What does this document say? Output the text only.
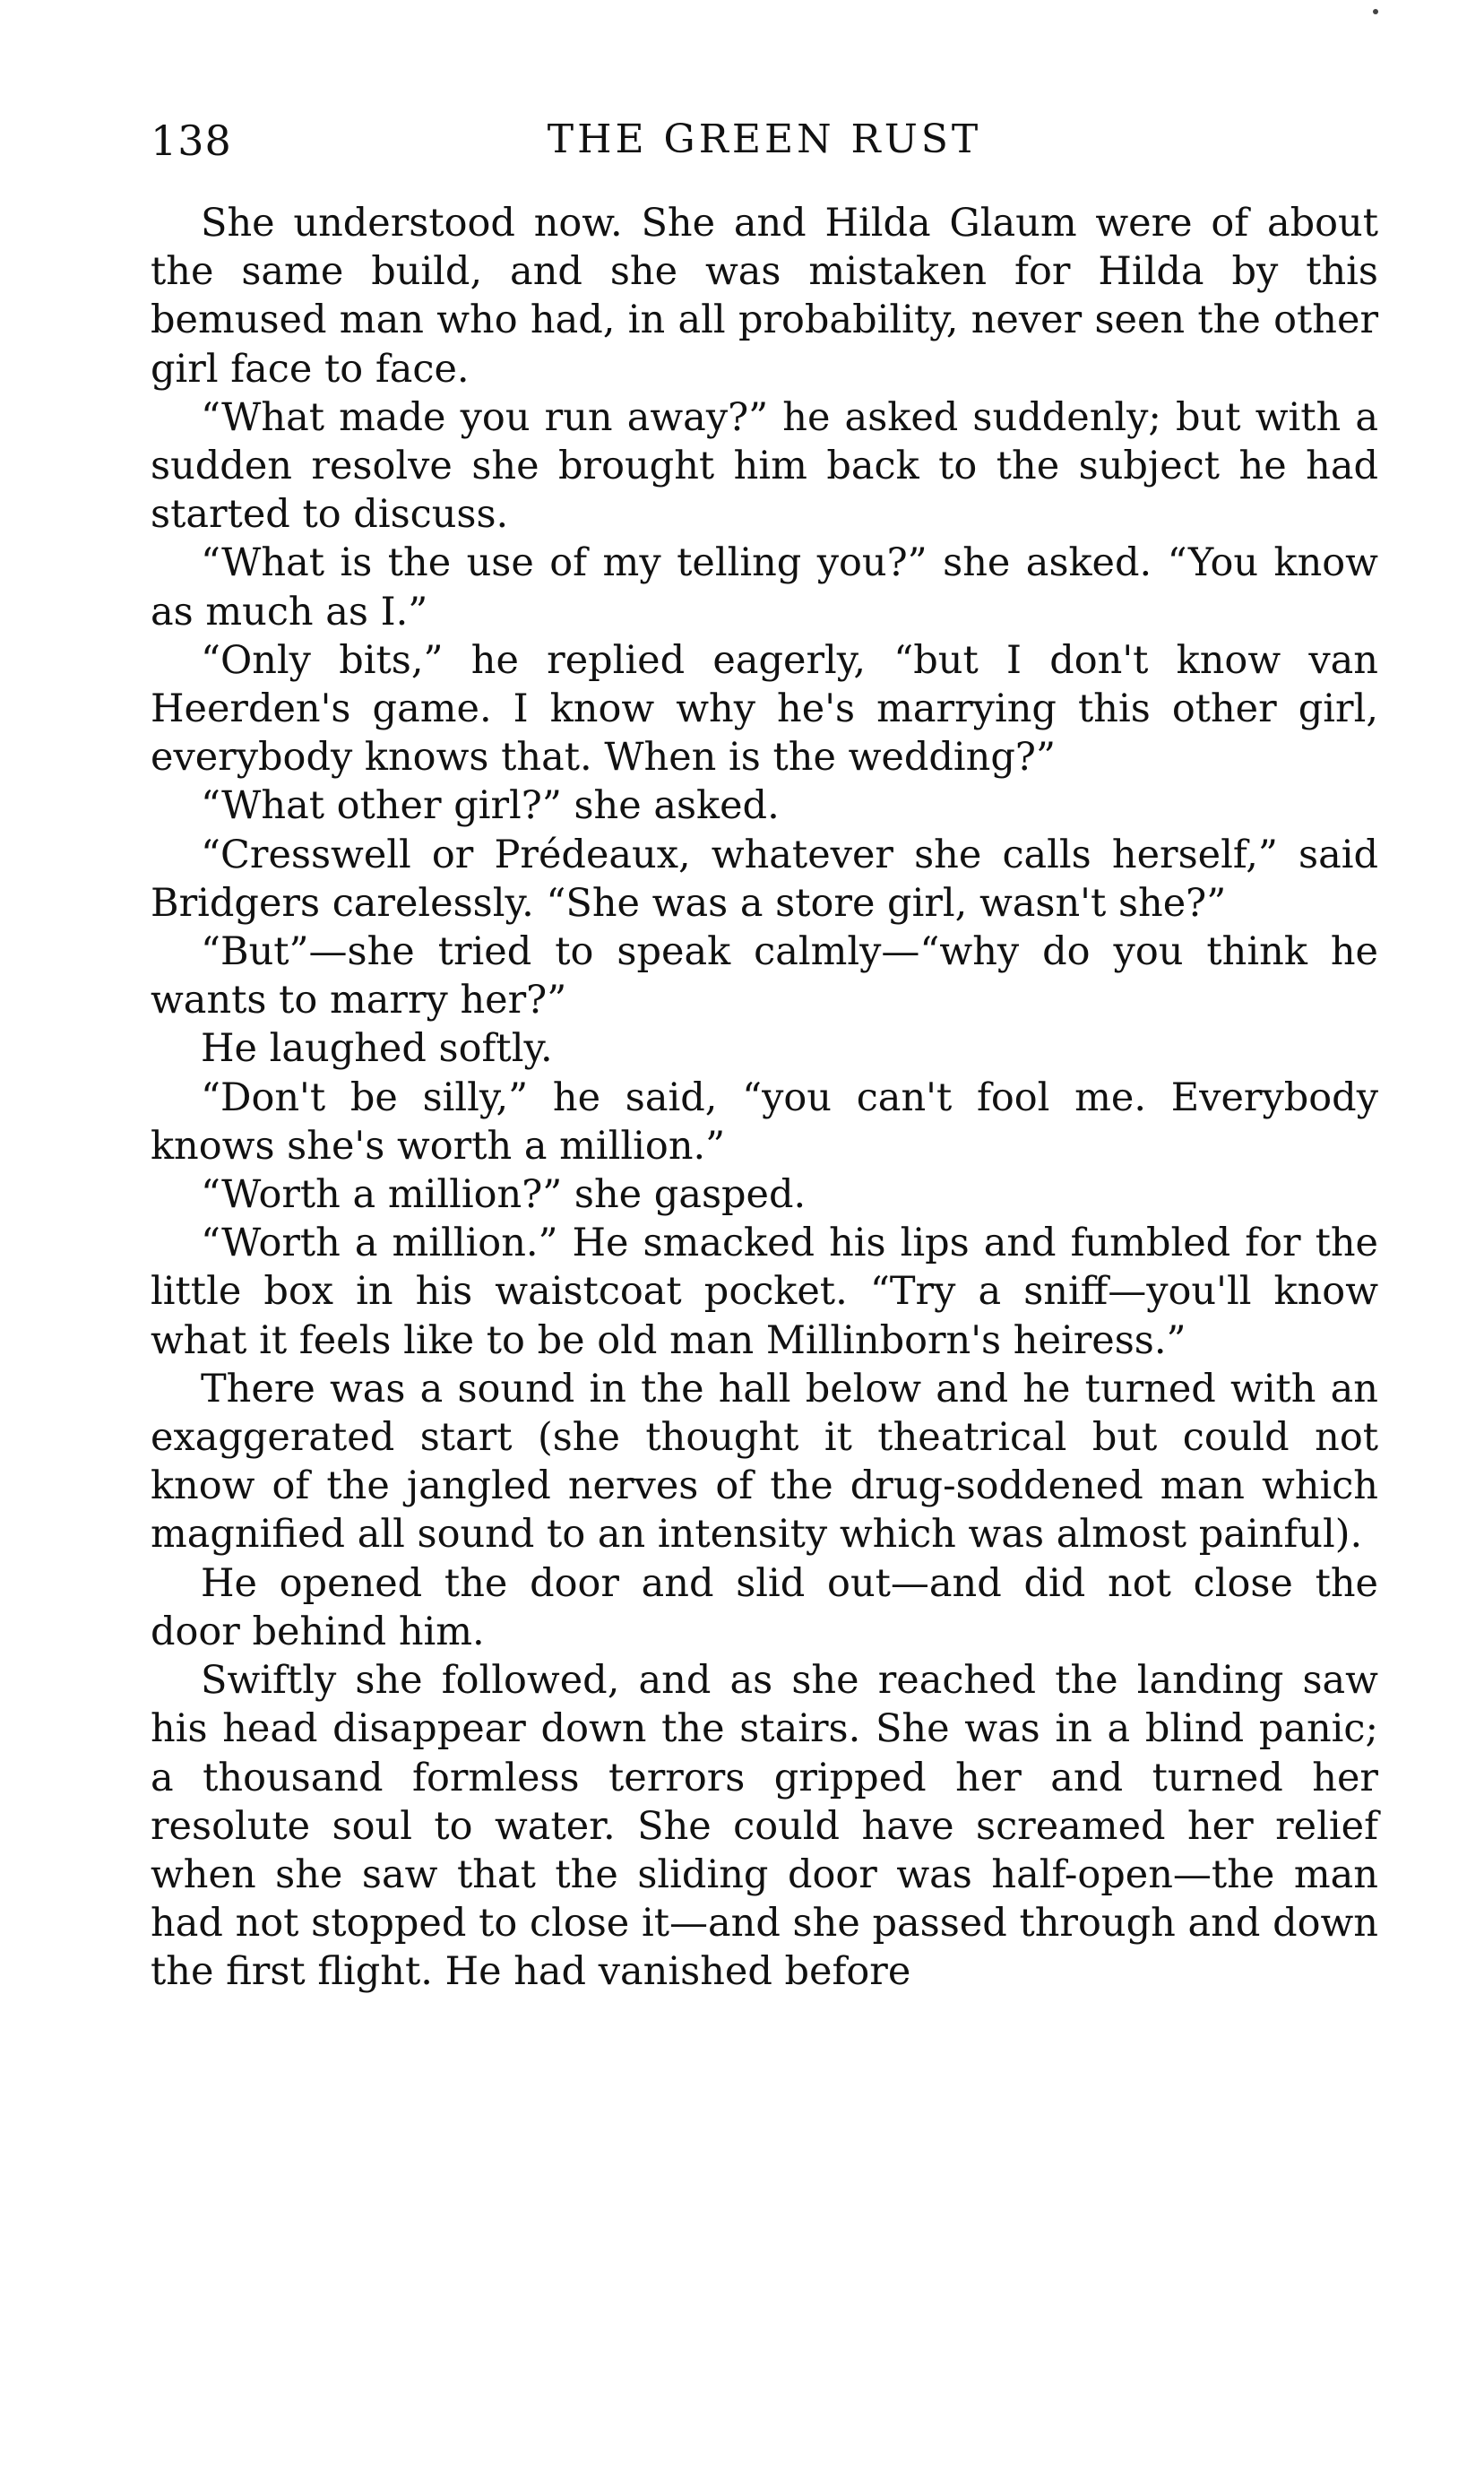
138	THE GREEN RUST

She understood now. She and Hilda Glaum were of about the same build, and she was mistaken for Hilda by this bemused man who had, in all probability, never seen the other girl face to face.

“What made you run away?” he asked suddenly; but with a sudden resolve she brought him back to the subject he had started to discuss.

“What is the use of my telling you?” she asked. “You know as much as I.”

“Only bits,” he replied eagerly, “but I don't know van Heerden's game. I know why he's marrying this other girl, everybody knows that. When is the wedding?”

“What other girl?” she asked.

“Cresswell or Prédeaux, whatever she calls herself,” said Bridgers carelessly. “She was a store girl, wasn't she?”

“But”—she tried to speak calmly—“why do you think he wants to marry her?”

He laughed softly.

“Don't be silly,” he said, “you can't fool me. Everybody knows she's worth a million.”

“Worth a million?” she gasped.

“Worth a million.” He smacked his lips and fumbled for the little box in his waistcoat pocket. “Try a sniff—you'll know what it feels like to be old man Millinborn's heiress.”

There was a sound in the hall below and he turned with an exaggerated start (she thought it theatrical but could not know of the jangled nerves of the drug-soddened man which magnified all sound to an intensity which was almost painful).

He opened the door and slid out—and did not close the door behind him.

Swiftly she followed, and as she reached the landing saw his head disappear down the stairs. She was in a blind panic; a thousand formless terrors gripped her and turned her resolute soul to water. She could have screamed her relief when she saw that the sliding door was half-open—the man had not stopped to close it—and she passed through and down the first flight. He had vanished before
